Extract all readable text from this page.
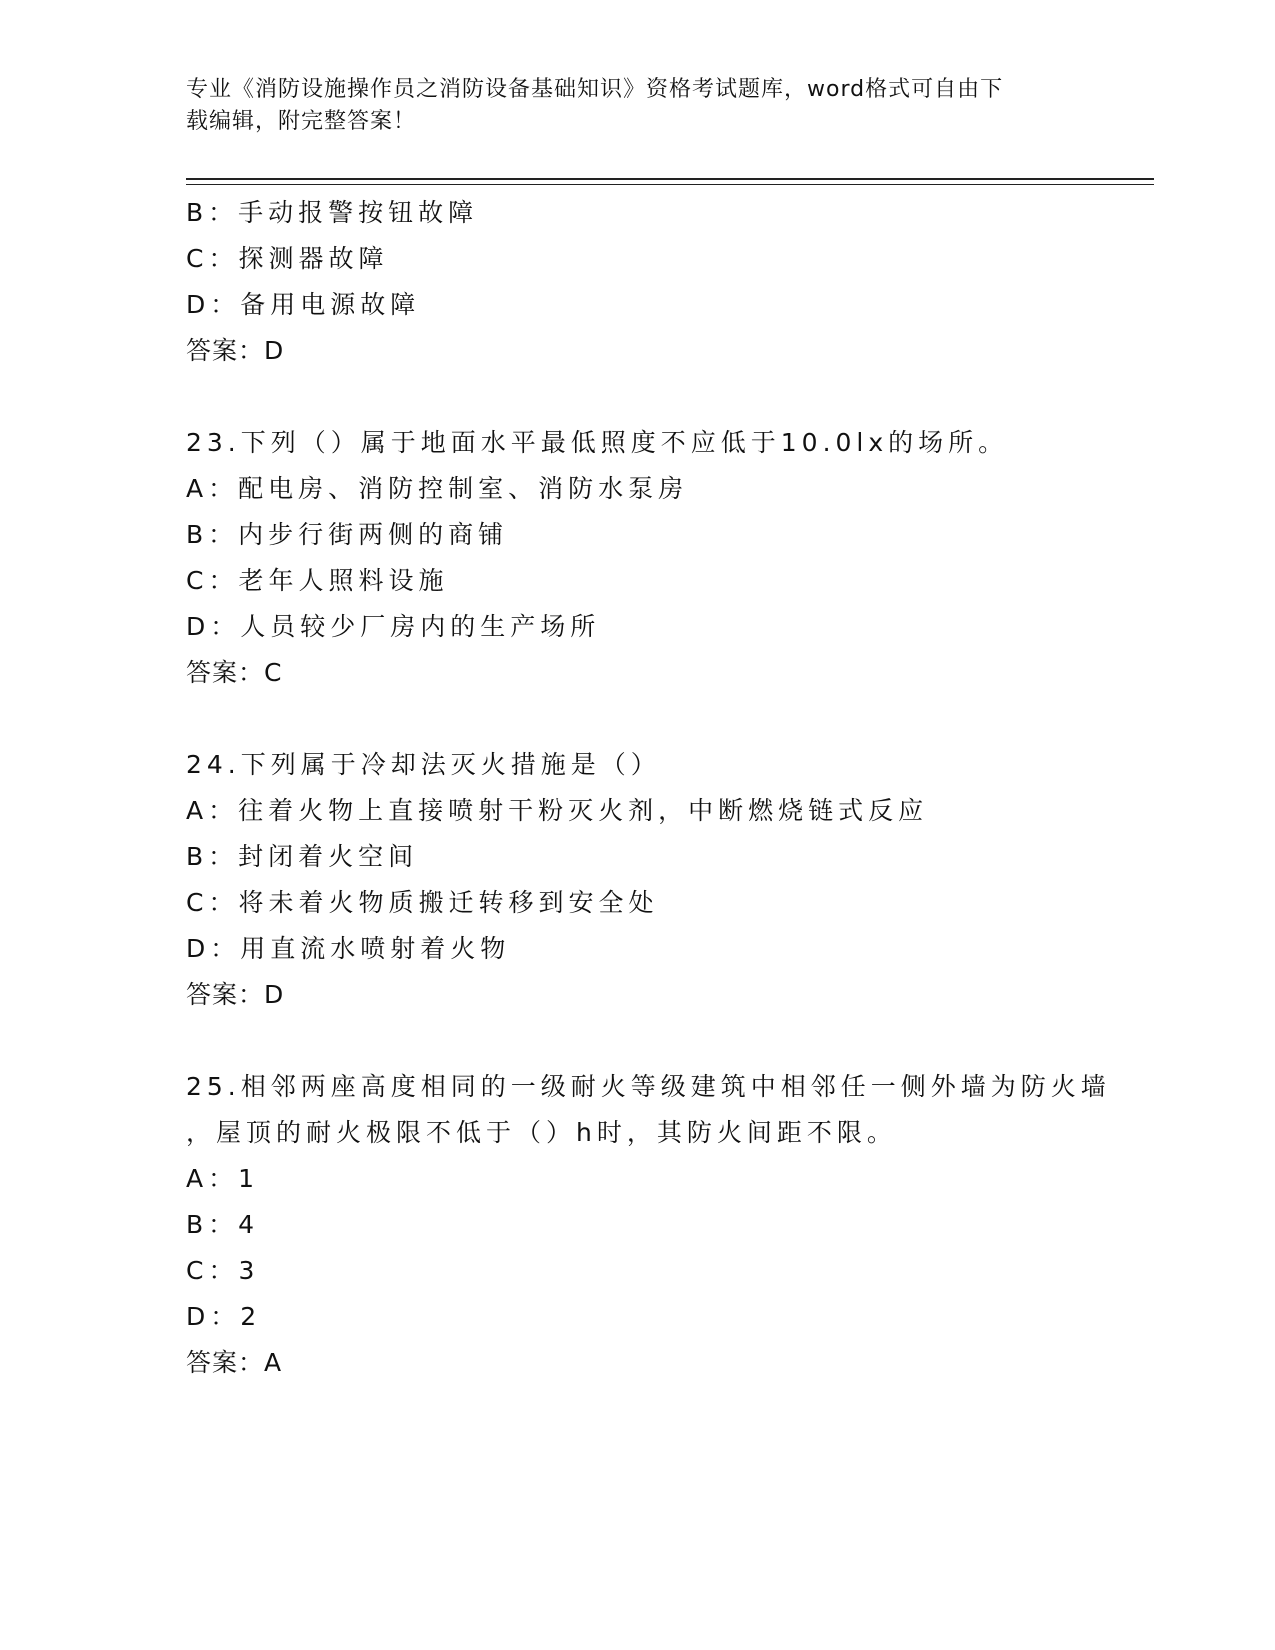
专业《消防设施操作员之消防设备基础知识》资格考试题库，word格式可自由下
载编辑，附完整答案！
B：手动报警按钮故障
C：探测器故障
D：备用电源故障
答案：D
23.下列（）属于地面水平最低照度不应低于10.0lx的场所。
A：配电房、消防控制室、消防水泵房
B：内步行街两侧的商铺
C：老年人照料设施
D：人员较少厂房内的生产场所
答案：C
24.下列属于冷却法灭火措施是（）
A：往着火物上直接喷射干粉灭火剂，中断燃烧链式反应
B：封闭着火空间
C：将未着火物质搬迁转移到安全处
D：用直流水喷射着火物
答案：D
25.相邻两座高度相同的一级耐火等级建筑中相邻任一侧外墙为防火墙
，屋顶的耐火极限不低于（）h时，其防火间距不限。
A：1
B：4
C：3
D：2
答案：A
